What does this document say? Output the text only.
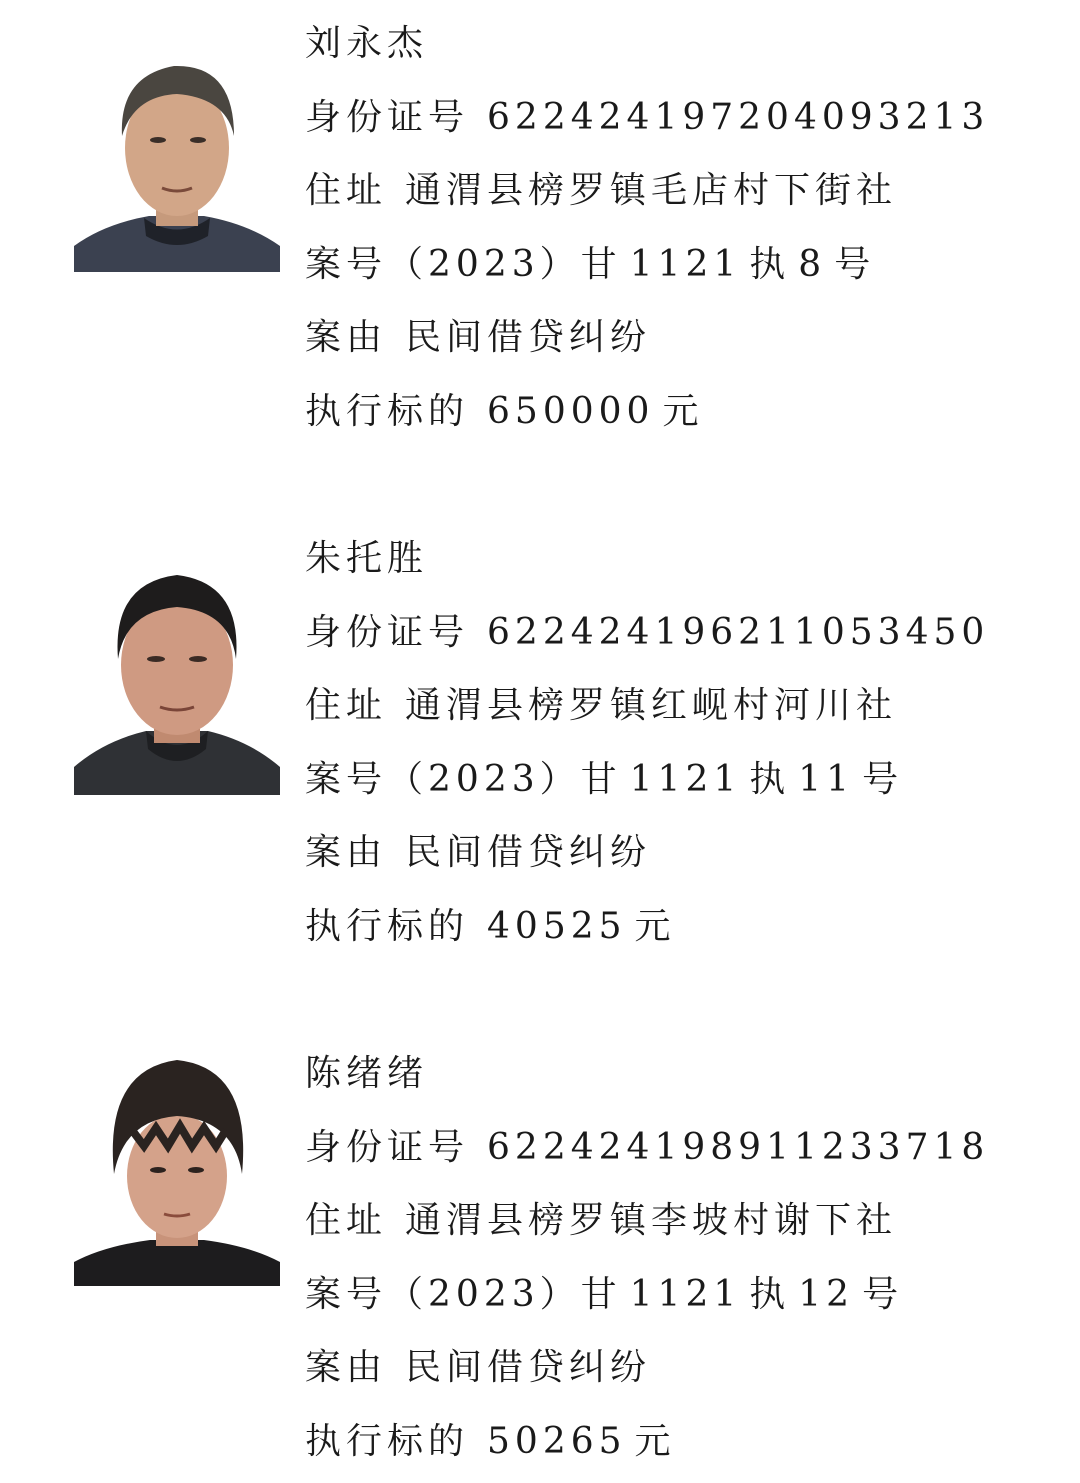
刘永杰
身份证号 622424197204093213
住址 通渭县榜罗镇毛店村下街社
案号（2023）甘 1121 执 8 号
案由 民间借贷纠纷
执行标的 650000 元
朱托胜
身份证号 622424196211053450
住址 通渭县榜罗镇红岘村河川社
案号（2023）甘 1121 执 11 号
案由 民间借贷纠纷
执行标的 40525 元
陈绪绪
身份证号 622424198911233718
住址 通渭县榜罗镇李坡村谢下社
案号（2023）甘 1121 执 12 号
案由 民间借贷纠纷
执行标的 50265 元
